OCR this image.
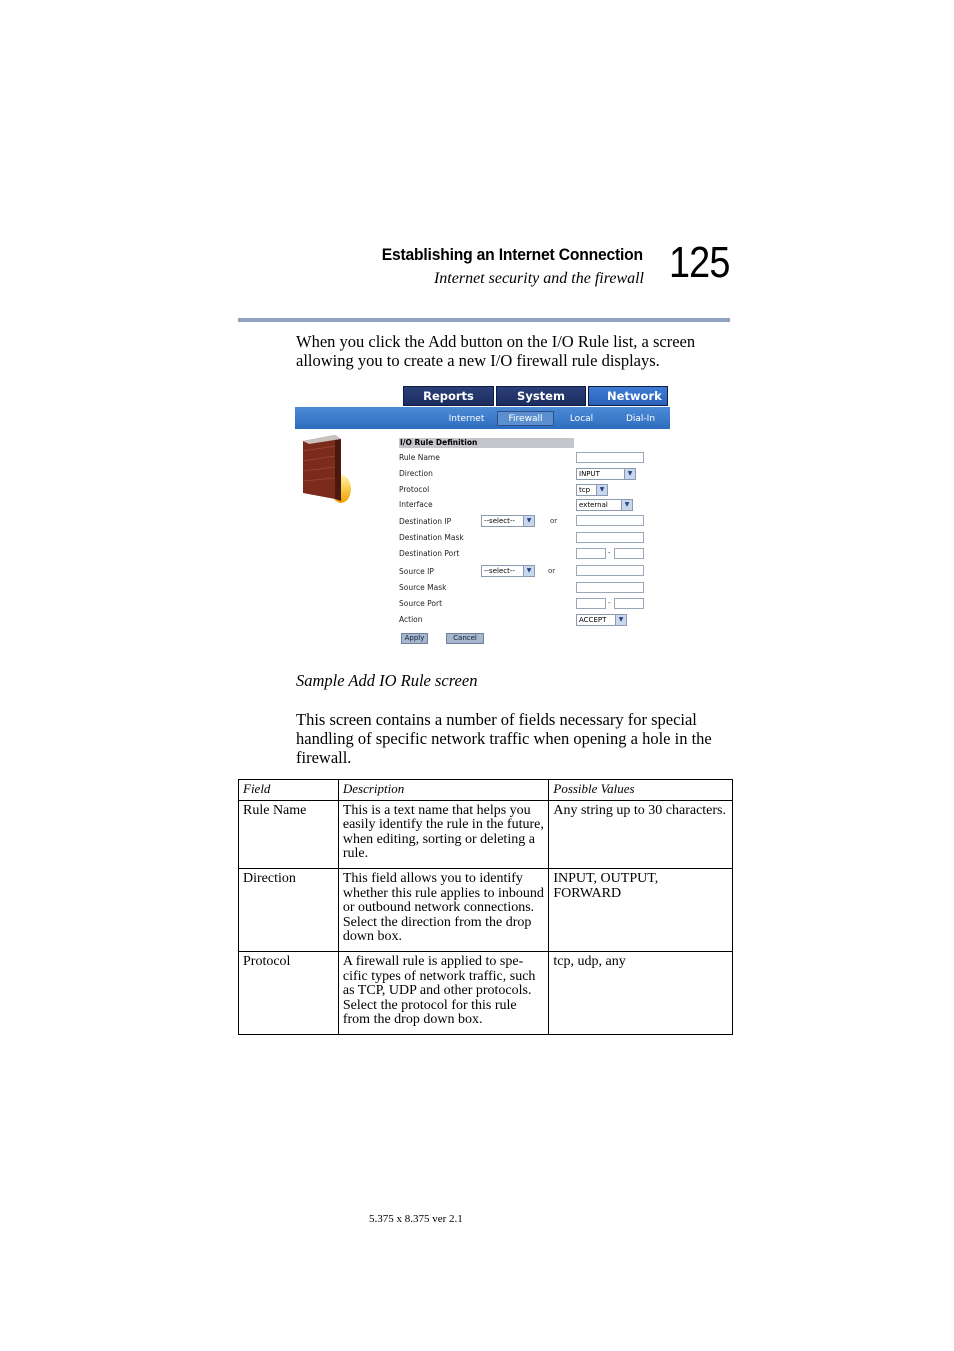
Establishing an Internet Connection
Internet security and the firewall 125
When you click the Add button on the I/O Rule list, a screen allowing you to create a new I/O firewall rule displays.
Reports	System	Network
Internet	Firewall	Local	Dial-In
I/O Rule Definition
Rule Name
Direction	INPUT	▼
Protocol	tcp	▼
Interface	external	▼
Destination IP	--select--	▼	or
Destination Mask
Destination Port	-
Source IP	--select--	▼	or
Source Mask
Source Port	-
Action	ACCEPT	▼
Apply	Cancel
Sample Add IO Rule screen
This screen contains a number of fields necessary for special handling of specific network traffic when opening a hole in the firewall.
Field	Description	Possible Values
Rule Name	This is a text name that helps you easily identify the rule in the future, when editing, sorting or deleting a rule.	Any string up to 30 characters.
Direction	This field allows you to identify whether this rule applies to inbound or outbound network connections. Select the direction from the drop down box.	INPUT, OUTPUT, FORWARD
Protocol	A firewall rule is applied to spe-cific types of network traffic, such as TCP, UDP and other protocols. Select the protocol for this rule from the drop down box.	tcp, udp, any
5.375 x 8.375 ver 2.1
